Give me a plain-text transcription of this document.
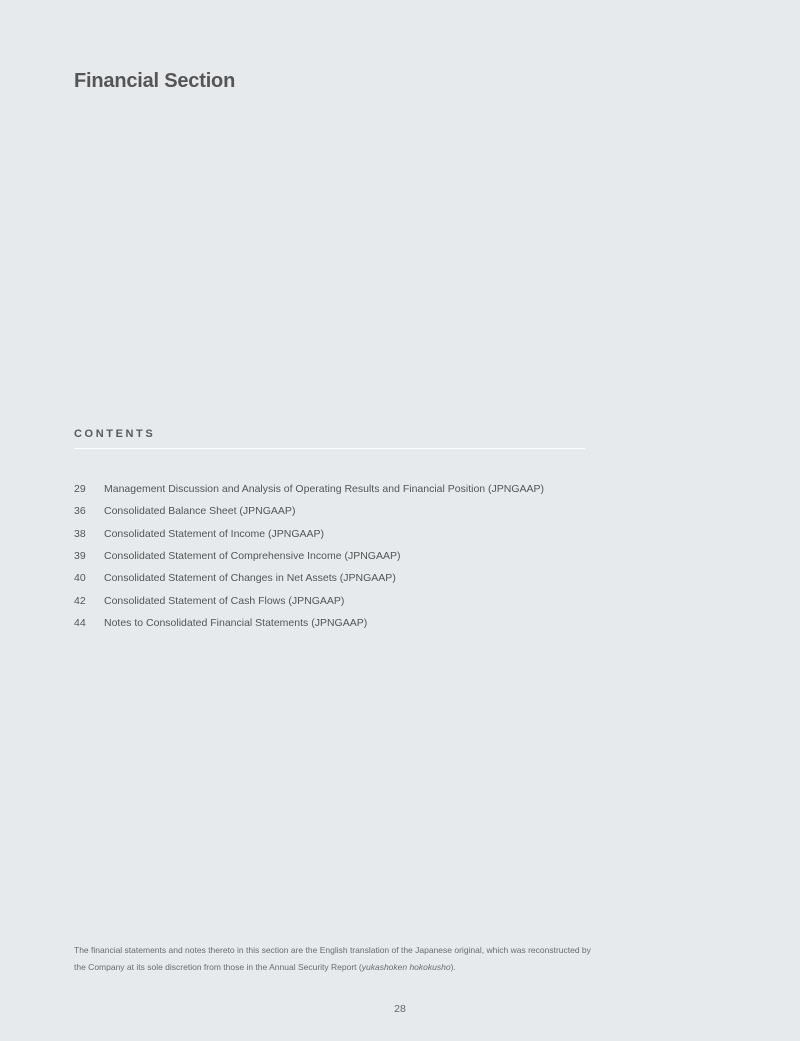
Financial Section
CONTENTS
29	Management Discussion and Analysis of Operating Results and Financial Position (JPNGAAP)
36	Consolidated Balance Sheet (JPNGAAP)
38	Consolidated Statement of Income (JPNGAAP)
39	Consolidated Statement of Comprehensive Income (JPNGAAP)
40	Consolidated Statement of Changes in Net Assets (JPNGAAP)
42	Consolidated Statement of Cash Flows (JPNGAAP)
44	Notes to Consolidated Financial Statements (JPNGAAP)

The financial statements and notes thereto in this section are the English translation of the Japanese original, which was reconstructed by the Company at its sole discretion from those in the Annual Security Report (yukashoken hokokusho).

28
